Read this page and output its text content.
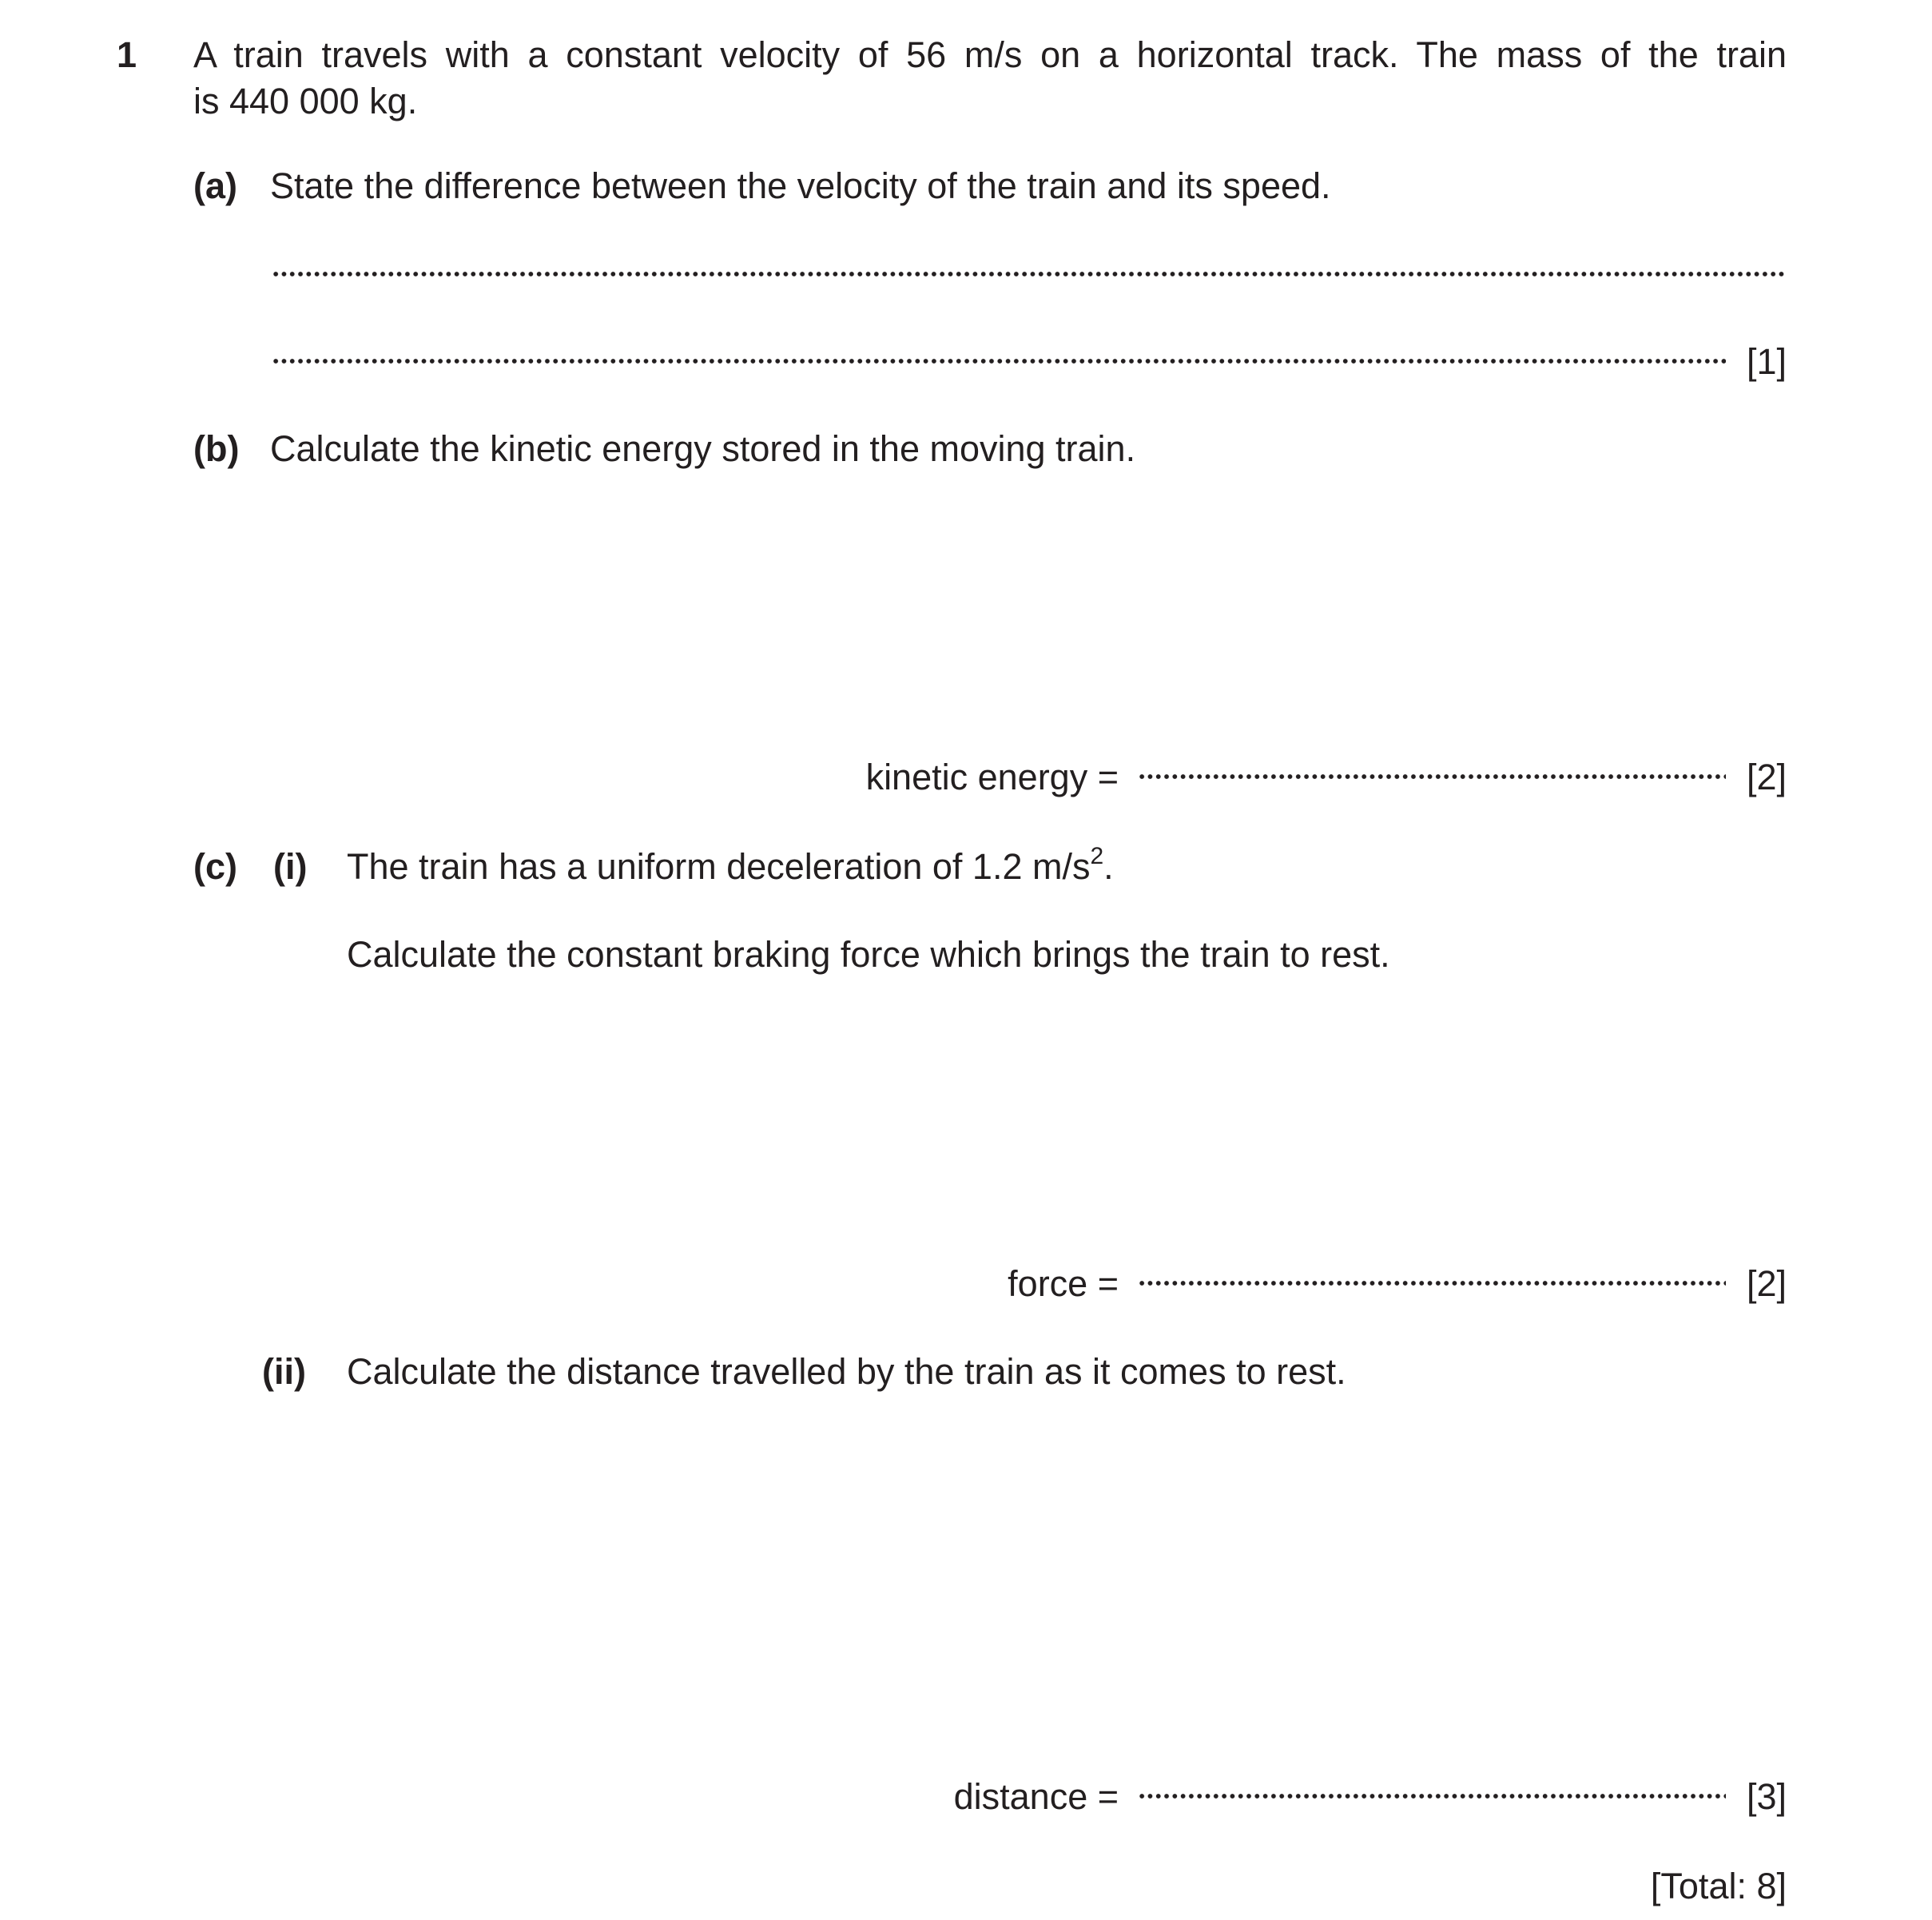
1 A train travels with a constant velocity of 56 m/s on a horizontal track. The mass of the train
is 440 000 kg.
(a) State the difference between the velocity of the train and its speed.
[1]
(b) Calculate the kinetic energy stored in the moving train.
kinetic energy =	[2]
(c) (i) The train has a uniform deceleration of 1.2 $m/s^2$.
Calculate the constant braking force which brings the train to rest.
force =	[2]
(ii) Calculate the distance travelled by the train as it comes to rest.
distance =	[3]
[Total: 8]
